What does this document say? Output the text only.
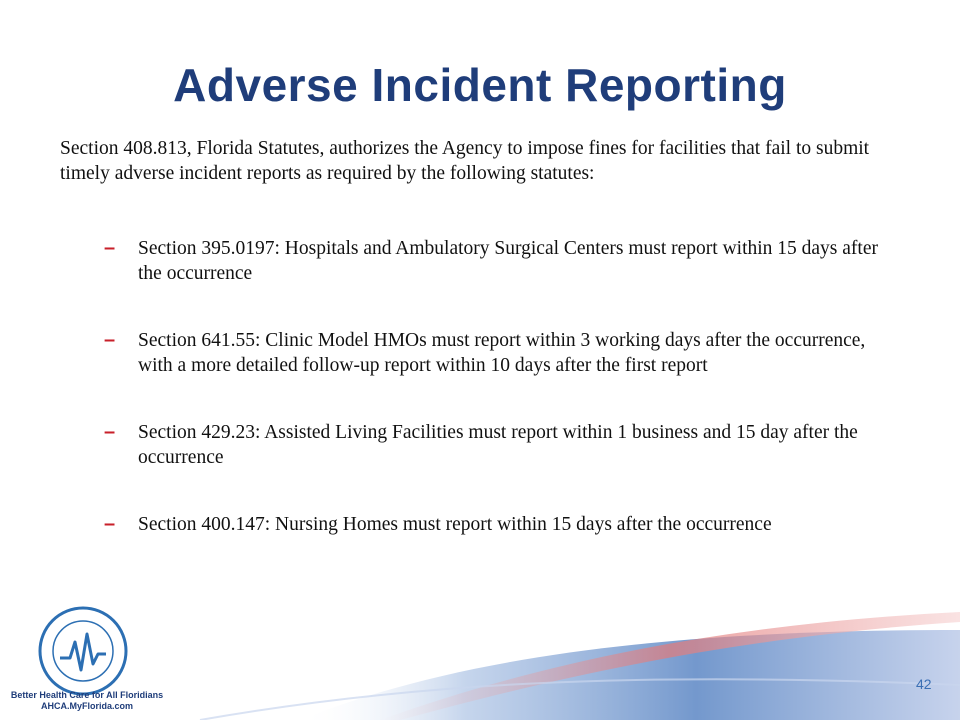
Adverse Incident Reporting
Section 408.813, Florida Statutes, authorizes the Agency to impose fines for facilities that fail to submit timely adverse incident reports as required by the following statutes:
– Section 395.0197: Hospitals and Ambulatory Surgical Centers must report within 15 days after the occurrence
– Section 641.55: Clinic Model HMOs must report within 3 working days after the occurrence, with a more detailed follow-up report within 10 days after the first report
– Section 429.23: Assisted Living Facilities must report within 1 business and 15 day after the occurrence
– Section 400.147: Nursing Homes must report within 15 days after the occurrence
Better Health Care for All Floridians
AHCA.MyFlorida.com
42
